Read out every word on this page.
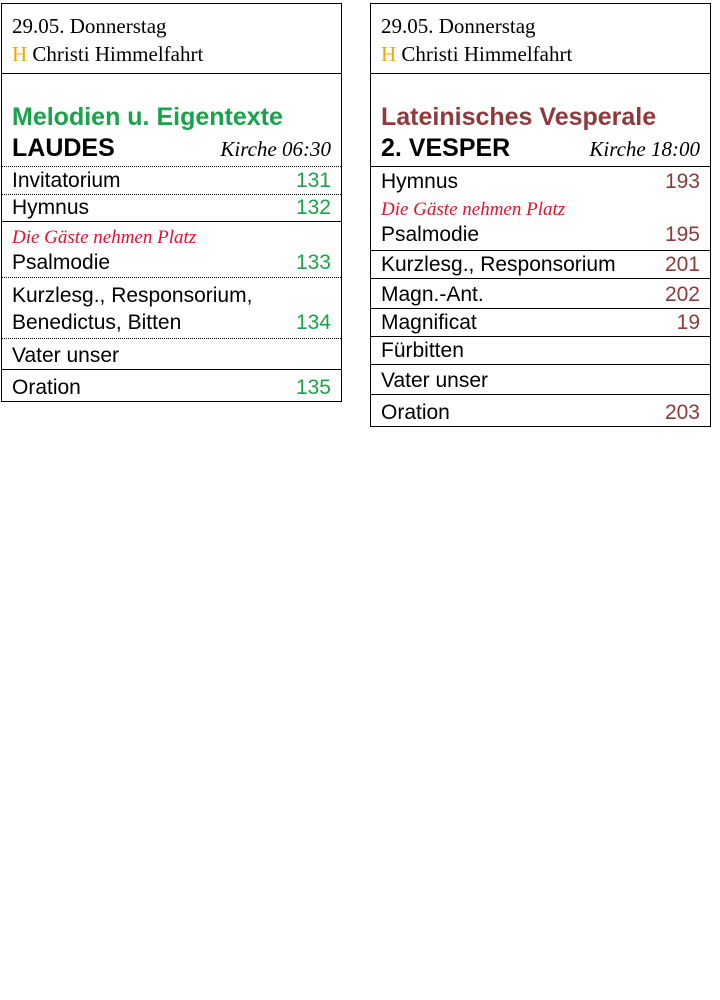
29.05. Donnerstag
H Christi Himmelfahrt
Melodien u. Eigentexte
LAUDES	Kirche 06:30
Invitatorium	131
Hymnus	132
Die Gäste nehmen Platz
Psalmodie	133
Kurzlesg., Responsorium,
Benedictus, Bitten	134
Vater unser
Oration	135
29.05. Donnerstag
H Christi Himmelfahrt
Lateinisches Vesperale
2. VESPER	Kirche 18:00
Hymnus	193
Die Gäste nehmen Platz
Psalmodie	195
Kurzlesg., Responsorium 201
Magn.-Ant.	202
Magnificat	19
Fürbitten
Vater unser
Oration	203
